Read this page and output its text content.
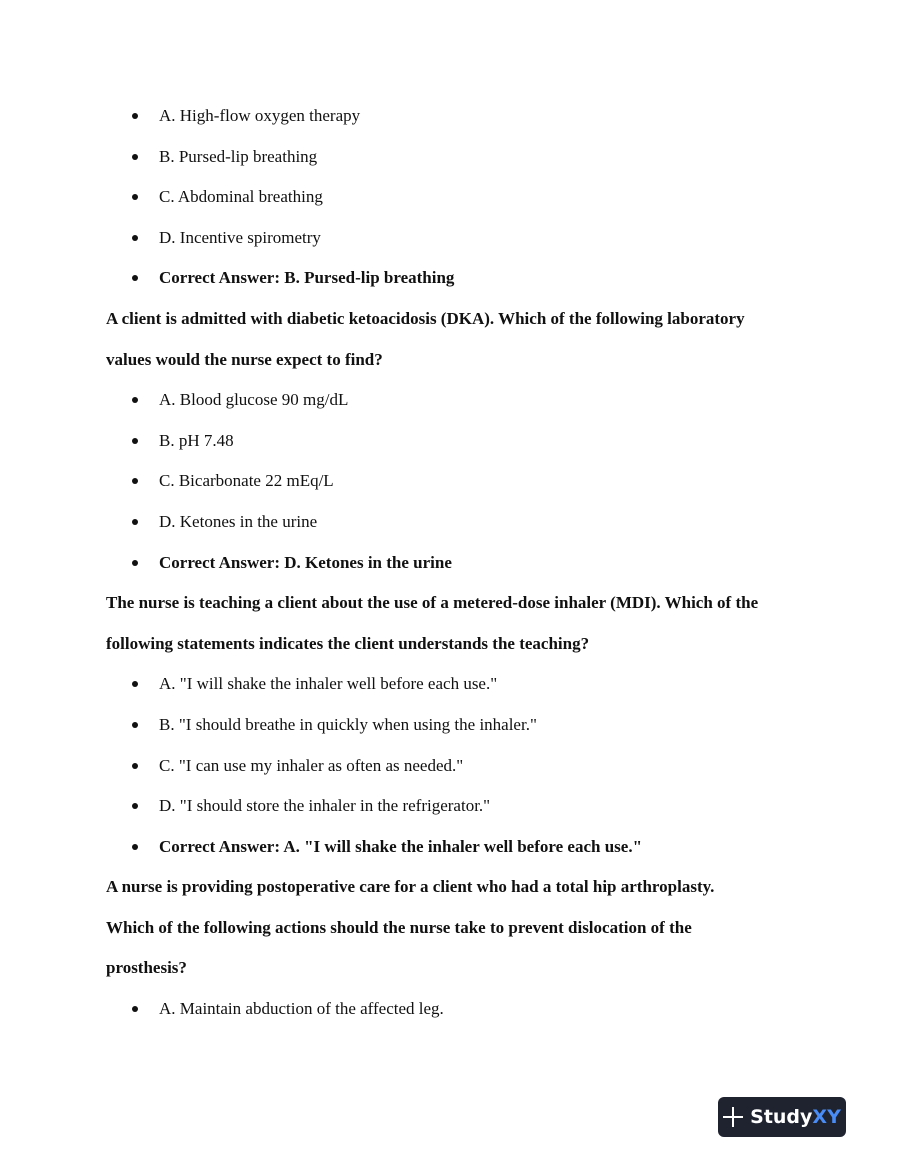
A. High-flow oxygen therapy
B. Pursed-lip breathing
C. Abdominal breathing
D. Incentive spirometry
Correct Answer: B. Pursed-lip breathing
A client is admitted with diabetic ketoacidosis (DKA). Which of the following laboratory
values would the nurse expect to find?
A. Blood glucose 90 mg/dL
B. pH 7.48
C. Bicarbonate 22 mEq/L
D. Ketones in the urine
Correct Answer: D. Ketones in the urine
The nurse is teaching a client about the use of a metered-dose inhaler (MDI). Which of the
following statements indicates the client understands the teaching?
A. "I will shake the inhaler well before each use."
B. "I should breathe in quickly when using the inhaler."
C. "I can use my inhaler as often as needed."
D. "I should store the inhaler in the refrigerator."
Correct Answer: A. "I will shake the inhaler well before each use."
A nurse is providing postoperative care for a client who had a total hip arthroplasty.
Which of the following actions should the nurse take to prevent dislocation of the
prosthesis?
A. Maintain abduction of the affected leg.
Study XY
